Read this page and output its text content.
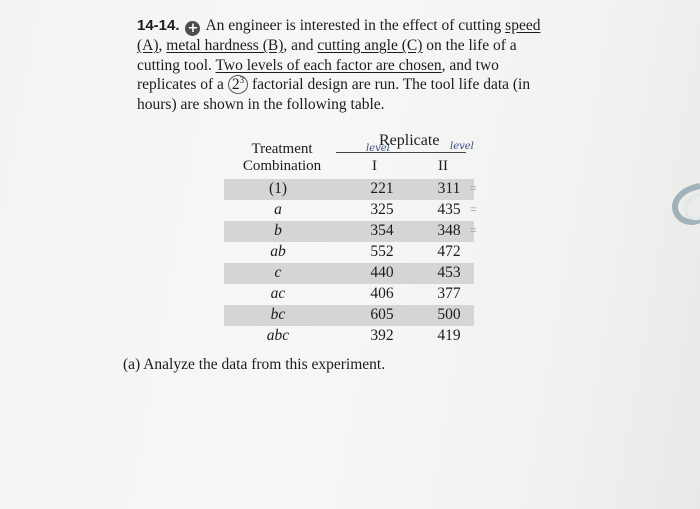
14-14. + An engineer is interested in the effect of cutting speed (A), metal hardness (B), and cutting angle (C) on the life of a cutting tool. Two levels of each factor are chosen, and two replicates of a $2^3$ factorial design are run. The tool life data (in hours) are shown in the following table.
Treatment Combination
Replicate
level	level
I	II
(1)	221	311 =
a	325	435 =
b	354	348 =
ab	552	472
c	440	453
ac	406	377
bc	605	500
abc	392	419
(a) Analyze the data from this experiment.
